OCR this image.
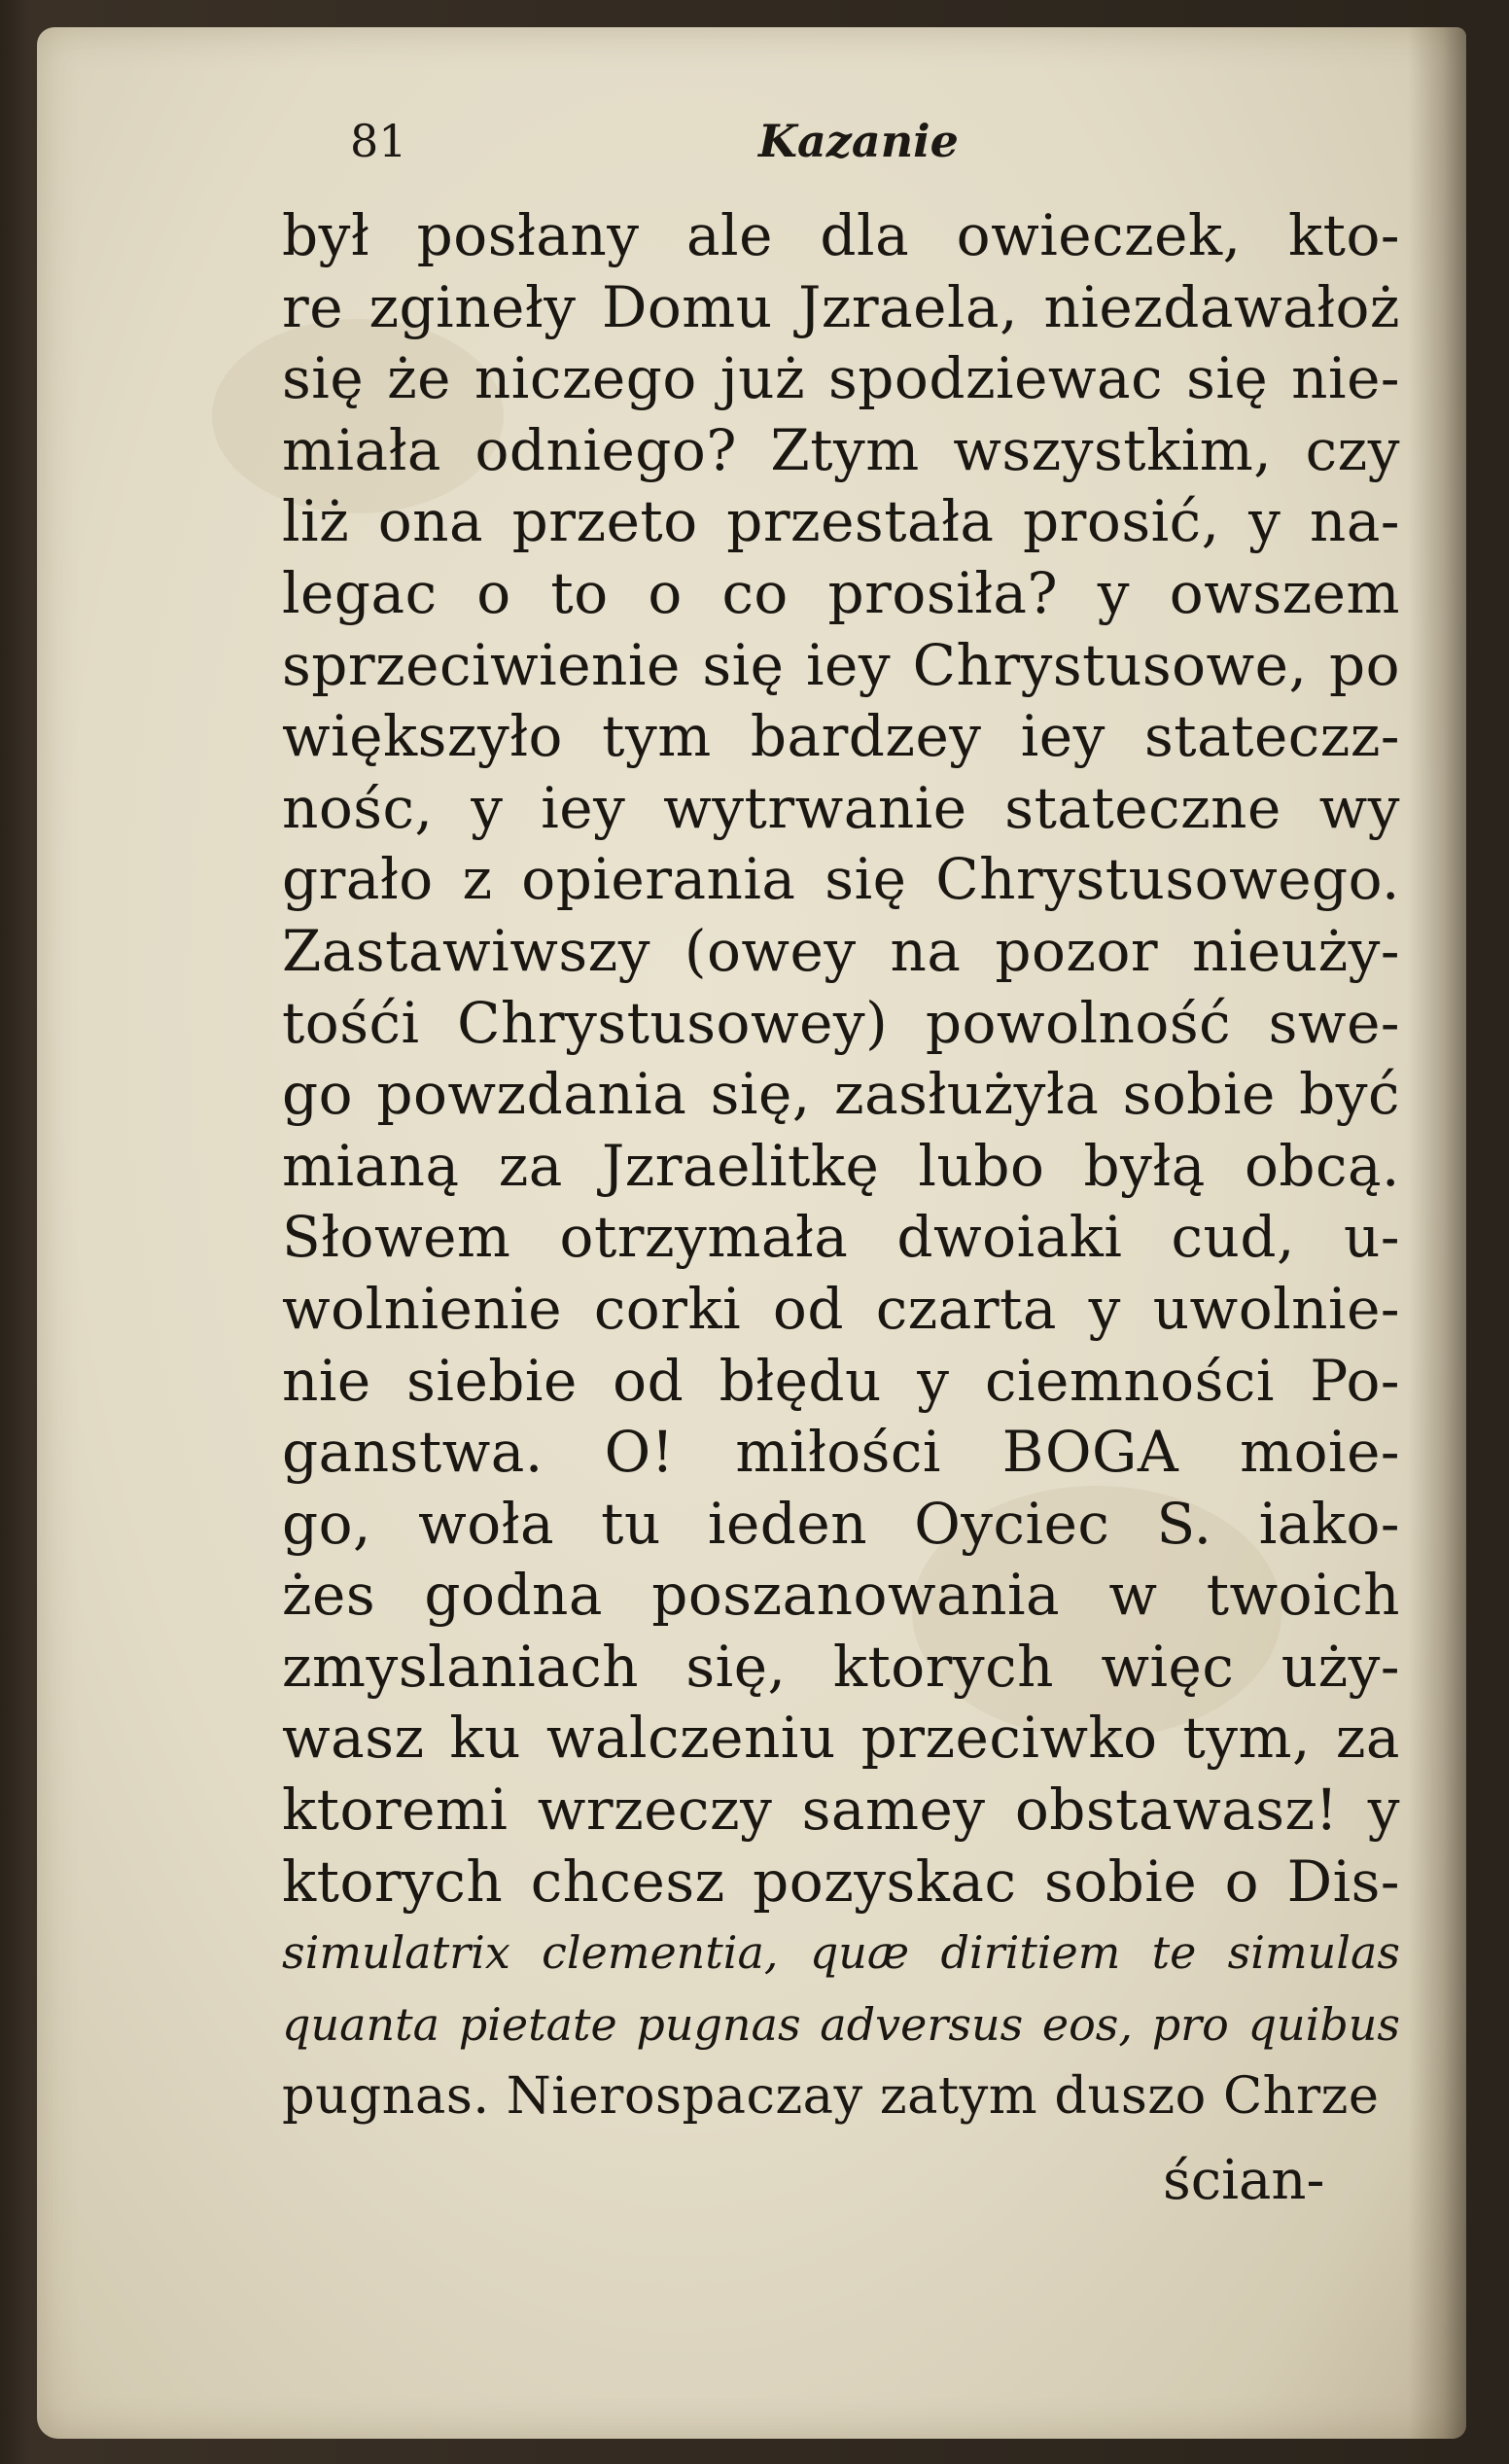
81	Kazanie
był posłany ale dla owieczek, kto‑
re zgineły Domu Jzraela, niezdawałoż
się że niczego już spodziewac się nie‑
miała odniego? Ztym wszystkim, czy
liż ona przeto przestała prosić, y na‑
legac o to o co prosiła? y owszem
sprzeciwienie się iey Chrystusowe, po
większyło tym bardzey iey stateczz‑
nośc, y iey wytrwanie stateczne wy
grało z opierania się Chrystusowego.
Zastawiwszy (owey na pozor nieuży‑
tośći Chrystusowey) powolność swe‑
go powzdania się, zasłużyła sobie być
mianą za Jzraelitkę lubo byłą obcą.
Słowem otrzymała dwoiaki cud, u‑
wolnienie corki od czarta y uwolnie‑
nie siebie od błędu y ciemności Po‑
ganstwa. O! miłości BOGA moie‑
go, woła tu ieden Oyciec S. iako‑
żes godna poszanowania w twoich
zmyslaniach się, ktorych więc uży‑
wasz ku walczeniu przeciwko tym, za
ktoremi wrzeczy samey obstawasz! y
ktorych chcesz pozyskac sobie o Dis‑
simulatrix clementia, quæ diritiem te simulas
quanta pietate pugnas adversus eos, pro quibus
pugnas. Nierospaczay zatym duszo Chrze
ścian‑
